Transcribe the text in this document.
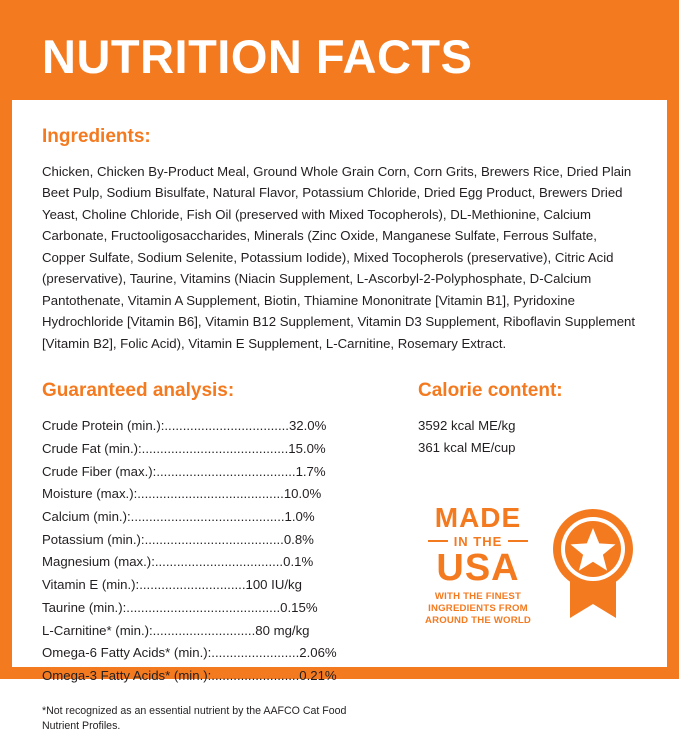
NUTRITION FACTS
Ingredients:

Chicken, Chicken By-Product Meal, Ground Whole Grain Corn, Corn Grits, Brewers Rice, Dried Plain Beet Pulp, Sodium Bisulfate, Natural Flavor, Potassium Chloride, Dried Egg Product, Brewers Dried Yeast, Choline Chloride, Fish Oil (preserved with Mixed Tocopherols), DL-Methionine, Calcium Carbonate, Fructooligosaccharides, Minerals (Zinc Oxide, Manganese Sulfate, Ferrous Sulfate, Copper Sulfate, Sodium Selenite, Potassium Iodide), Mixed Tocopherols (preservative), Citric Acid (preservative), Taurine, Vitamins (Niacin Supplement, L-Ascorbyl-2-Polyphosphate, D-Calcium Pantothenate, Vitamin A Supplement, Biotin, Thiamine Mononitrate [Vitamin B1], Pyridoxine Hydrochloride [Vitamin B6], Vitamin B12 Supplement, Vitamin D3 Supplement, Riboflavin Supplement [Vitamin B2], Folic Acid), Vitamin E Supplement, L-Carnitine, Rosemary Extract.

Guaranteed analysis:
Crude Protein (min.):..................................32.0%
Crude Fat (min.):........................................15.0%
Crude Fiber (max.):......................................1.7%
Moisture (max.):........................................10.0%
Calcium (min.):..........................................1.0%
Potassium (min.):......................................0.8%
Magnesium (max.):...................................0.1%
Vitamin E (min.):.............................100 IU/kg
Taurine (min.):..........................................0.15%
L-Carnitine* (min.):............................80 mg/kg
Omega-6 Fatty Acids* (min.):........................2.06%
Omega-3 Fatty Acids* (min.):........................0.21%
*Not recognized as an essential nutrient by the AAFCO Cat Food Nutrient Profiles.
Calorie content:
3592 kcal ME/kg
361 kcal ME/cup
MADE
IN THE
USA
WITH THE FINEST
INGREDIENTS FROM
AROUND THE WORLD
